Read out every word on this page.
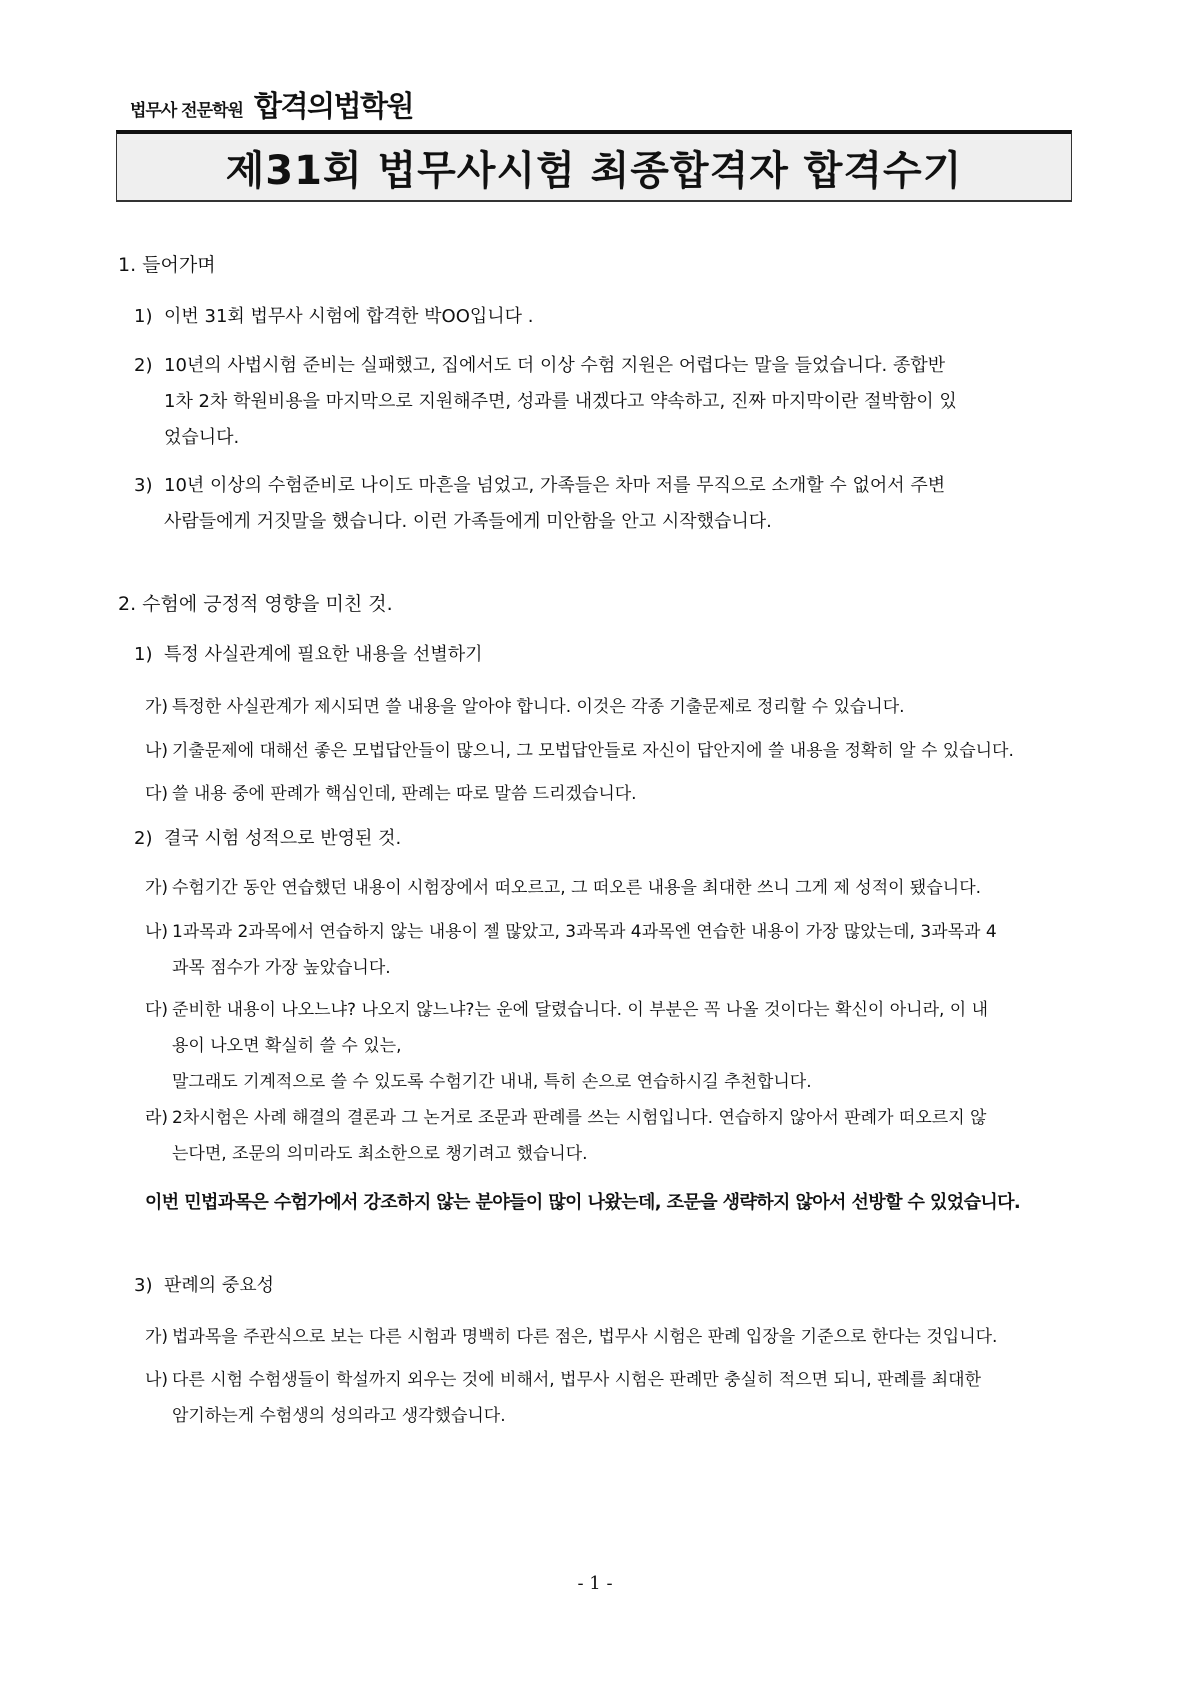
법무사 전문학원 합격의법학원
제31회 법무사시험 최종합격자 합격수기
1. 들어가며
1) 이번 31회 법무사 시험에 합격한 박OO입니다 .
2) 10년의 사법시험 준비는 실패했고, 집에서도 더 이상 수험 지원은 어렵다는 말을 들었습니다. 종합반
1차 2차 학원비용을 마지막으로 지원해주면, 성과를 내겠다고 약속하고, 진짜 마지막이란 절박함이 있
었습니다.
3) 10년 이상의 수험준비로 나이도 마흔을 넘었고, 가족들은 차마 저를 무직으로 소개할 수 없어서 주변
사람들에게 거짓말을 했습니다. 이런 가족들에게 미안함을 안고 시작했습니다.
2. 수험에 긍정적 영향을 미친 것.
1) 특정 사실관계에 필요한 내용을 선별하기
가) 특정한 사실관계가 제시되면 쓸 내용을 알아야 합니다. 이것은 각종 기출문제로 정리할 수 있습니다.
나) 기출문제에 대해선 좋은 모법답안들이 많으니, 그 모법답안들로 자신이 답안지에 쓸 내용을 정확히 알 수 있습니다.
다) 쓸 내용 중에 판례가 핵심인데, 판례는 따로 말씀 드리겠습니다.
2) 결국 시험 성적으로 반영된 것.
가) 수험기간 동안 연습했던 내용이 시험장에서 떠오르고, 그 떠오른 내용을 최대한 쓰니 그게 제 성적이 됐습니다.
나) 1과목과 2과목에서 연습하지 않는 내용이 젤 많았고, 3과목과 4과목엔 연습한 내용이 가장 많았는데, 3과목과 4
과목 점수가 가장 높았습니다.
다) 준비한 내용이 나오느냐? 나오지 않느냐?는 운에 달렸습니다. 이 부분은 꼭 나올 것이다는 확신이 아니라, 이 내
용이 나오면 확실히 쓸 수 있는,
말그래도 기계적으로 쓸 수 있도록 수험기간 내내, 특히 손으로 연습하시길 추천합니다.
라) 2차시험은 사례 해결의 결론과 그 논거로 조문과 판례를 쓰는 시험입니다. 연습하지 않아서 판례가 떠오르지 않
는다면, 조문의 의미라도 최소한으로 챙기려고 했습니다.
이번 민법과목은 수험가에서 강조하지 않는 분야들이 많이 나왔는데, 조문을 생략하지 않아서 선방할 수 있었습니다.
3) 판례의 중요성
가) 법과목을 주관식으로 보는 다른 시험과 명백히 다른 점은, 법무사 시험은 판례 입장을 기준으로 한다는 것입니다.
나) 다른 시험 수험생들이 학설까지 외우는 것에 비해서, 법무사 시험은 판례만 충실히 적으면 되니, 판례를 최대한
암기하는게 수험생의 성의라고 생각했습니다.
- 1 -
